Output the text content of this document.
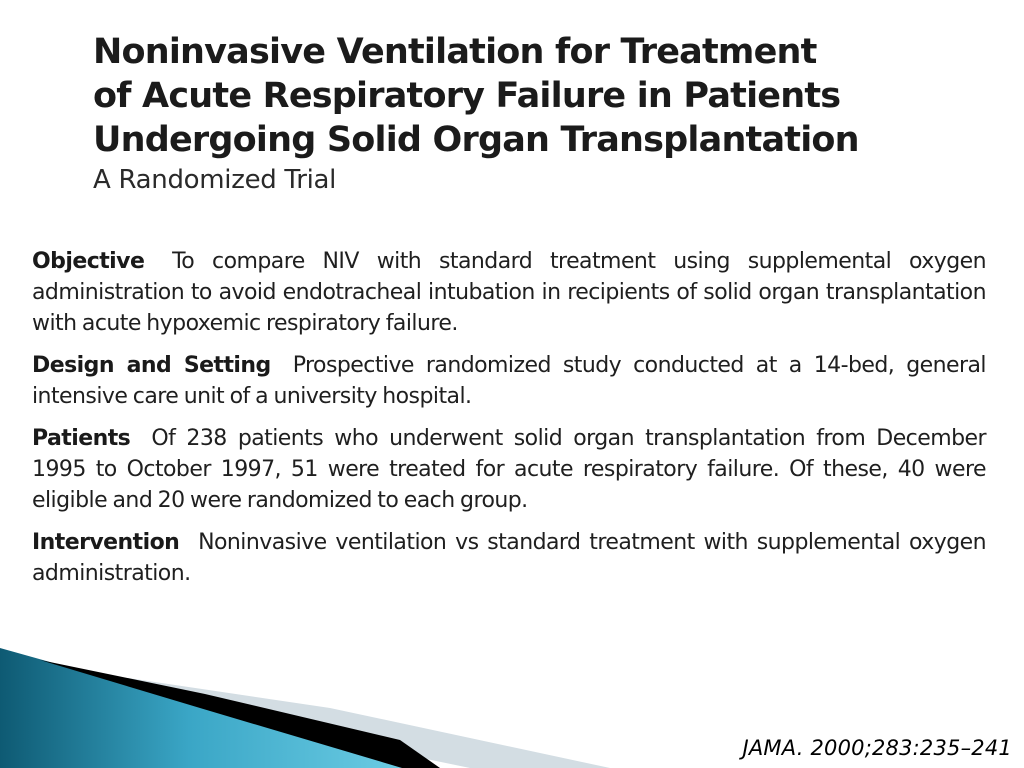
Noninvasive Ventilation for Treatment
of Acute Respiratory Failure in Patients
Undergoing Solid Organ Transplantation
A Randomized Trial

Objective To compare NIV with standard treatment using supplemental oxygen administration to avoid endotracheal intubation in recipients of solid organ transplantation with acute hypoxemic respiratory failure.

Design and Setting Prospective randomized study conducted at a 14-bed, general intensive care unit of a university hospital.

Patients Of 238 patients who underwent solid organ transplantation from December 1995 to October 1997, 51 were treated for acute respiratory failure. Of these, 40 were eligible and 20 were randomized to each group.

Intervention Noninvasive ventilation vs standard treatment with supplemental oxygen administration.

JAMA. 2000;283:235–241
